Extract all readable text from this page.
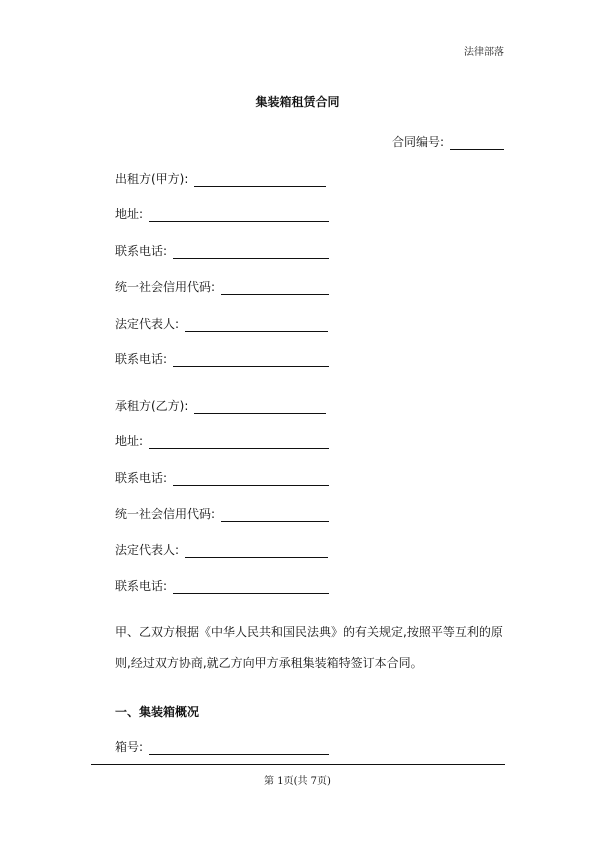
法律部落
集装箱租赁合同
合同编号:
出租方(甲方):
地址:
联系电话:
统一社会信用代码:
法定代表人:
联系电话:
承租方(乙方):
地址:
联系电话:
统一社会信用代码:
法定代表人:
联系电话:
甲、乙双方根据《中华人民共和国民法典》的有关规定,按照平等互利的原则,经过双方协商,就乙方向甲方承租集装箱特签订本合同。
一、集装箱概况
箱号:
第 1页(共 7页)
